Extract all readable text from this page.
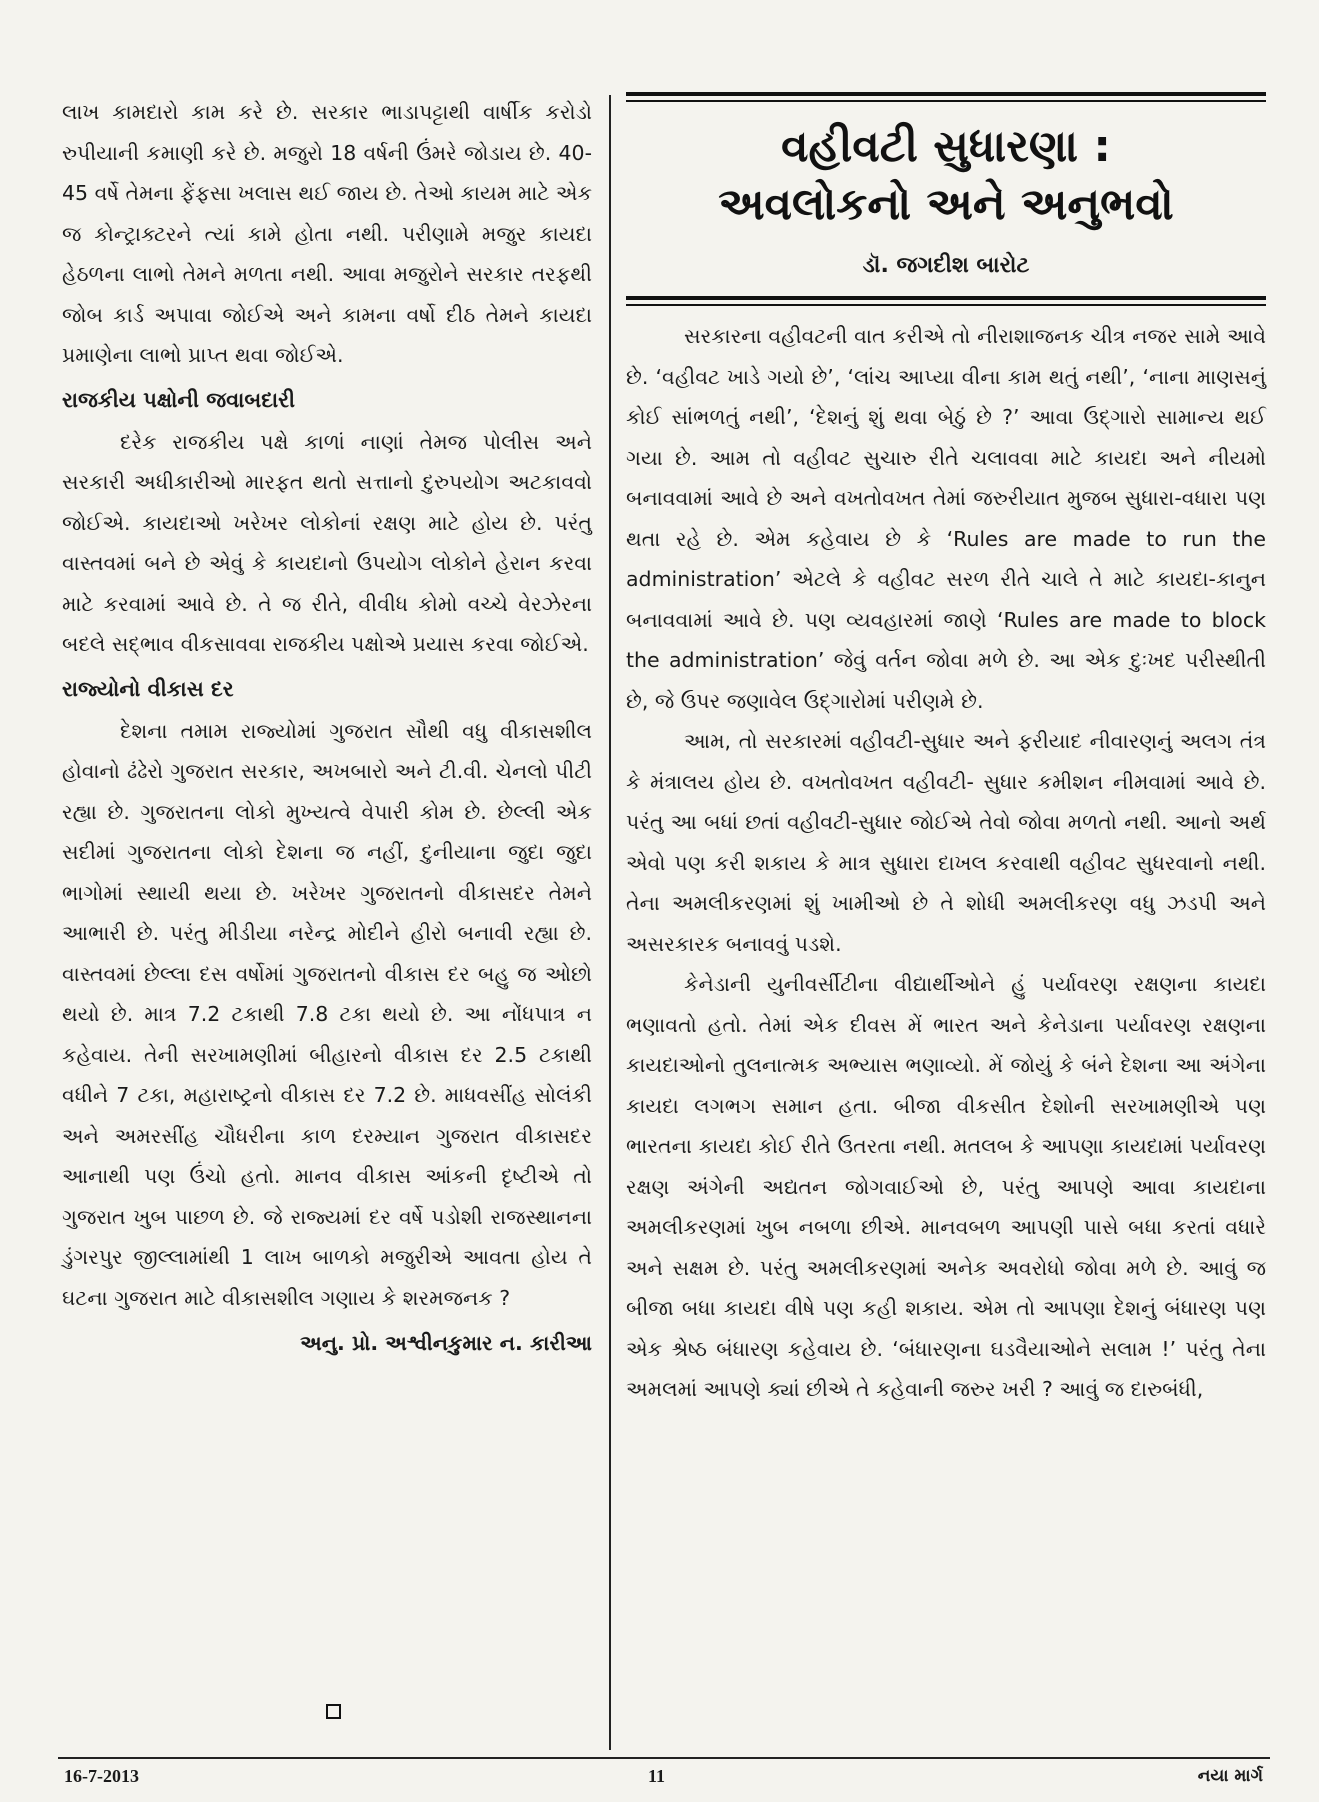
લાખ કામદારો કામ કરે છે. સરકાર ભાડાપટ્ટાથી વાર્ષીક કરોડો રુપીયાની કમાણી કરે છે. મજુરો 18 વર્ષની ઉંમરે જોડાય છે. 40-45 વર્ષે તેમના ફેંફસા ખલાસ થઈ જાય છે. તેઓ કાયમ માટે એક જ કોન્ટ્રાક્ટરને ત્યાં કામે હોતા નથી. પરીણામે મજુર કાયદા હેઠળના લાભો તેમને મળતા નથી. આવા મજુરોને સરકાર તરફથી જોબ કાર્ડ અપાવા જોઈએ અને કામના વર્ષો દીઠ તેમને કાયદા પ્રમાણેના લાભો પ્રાપ્ત થવા જોઈએ.

રાજકીય પક્ષોની જવાબદારી

દરેક રાજકીય પક્ષે કાળાં નાણાં તેમજ પોલીસ અને સરકારી અધીકારીઓ મારફત થતો સત્તાનો દુરુપયોગ અટકાવવો જોઈએ. કાયદાઓ ખરેખર લોકોનાં રક્ષણ માટે હોય છે. પરંતુ વાસ્તવમાં બને છે એવું કે કાયદાનો ઉપયોગ લોકોને હેરાન કરવા માટે કરવામાં આવે છે. તે જ રીતે, વીવીધ કોમો વચ્ચે વેરઝેરના બદલે સદ્ભાવ વીકસાવવા રાજકીય પક્ષોએ પ્રયાસ કરવા જોઈએ.

રાજ્યોનો વીકાસ દર

દેશના તમામ રાજ્યોમાં ગુજરાત સૌથી વધુ વીકાસશીલ હોવાનો ઢંઢેરો ગુજરાત સરકાર, અખબારો અને ટી.વી. ચેનલો પીટી રહ્યા છે. ગુજરાતના લોકો મુખ્યત્વે વેપારી કોમ છે. છેલ્લી એક સદીમાં ગુજરાતના લોકો દેશના જ નહીં, દુનીયાના જુદા જુદા ભાગોમાં સ્થાયી થયા છે. ખરેખર ગુજરાતનો વીકાસદર તેમને આભારી છે. પરંતુ મીડીયા નરેન્દ્ર મોદીને હીરો બનાવી રહ્યા છે. વાસ્તવમાં છેલ્લા દસ વર્ષોમાં ગુજરાતનો વીકાસ દર બહુ જ ઓછો થયો છે. માત્ર 7.2 ટકાથી 7.8 ટકા થયો છે. આ નોંધપાત્ર ન કહેવાય. તેની સરખામણીમાં બીહારનો વીકાસ દર 2.5 ટકાથી વધીને 7 ટકા, મહારાષ્ટ્રનો વીકાસ દર 7.2 છે. માધવસીંહ સોલંકી અને અમરસીંહ ચૌધરીના કાળ દરમ્યાન ગુજરાત વીકાસદર આનાથી પણ ઉંચો હતો. માનવ વીકાસ આંકની દૃષ્ટીએ તો ગુજરાત ખુબ પાછળ છે. જે રાજ્યમાં દર વર્ષે પડોશી રાજસ્થાનના ડુંગરપુર જીલ્લામાંથી 1 લાખ બાળકો મજુરીએ આવતા હોય તે ઘટના ગુજરાત માટે વીકાસશીલ ગણાય કે શરમજનક ?

અનુ. પ્રો. અશ્વીનકુમાર ન. કારીઆ
વહીવટી સુધારણા :
અવલોકનો અને અનુભવો
ડૉ. જગદીશ બારોટ

સરકારના વહીવટની વાત કરીએ તો નીરાશાજનક ચીત્ર નજર સામે આવે છે. ‘વહીવટ ખાડે ગયો છે’, ‘લાંચ આપ્યા વીના કામ થતું નથી’, ‘નાના માણસનું કોઈ સાંભળતું નથી’, ‘દેશનું શું થવા બેઠું છે ?’ આવા ઉદ્ગારો સામાન્ય થઈ ગયા છે. આમ તો વહીવટ સુચારુ રીતે ચલાવવા માટે કાયદા અને નીયમો બનાવવામાં આવે છે અને વખતોવખત તેમાં જરુરીયાત મુજબ સુધારા-વધારા પણ થતા રહે છે. એમ કહેવાય છે કે ‘Rules are made to run the administration’ એટલે કે વહીવટ સરળ રીતે ચાલે તે માટે કાયદા-કાનુન બનાવવામાં આવે છે. પણ વ્યવહારમાં જાણે ‘Rules are made to block the administration’ જેવું વર્તન જોવા મળે છે. આ એક દુઃખદ પરીસ્થીતી છે, જે ઉપર જણાવેલ ઉદ્ગારોમાં પરીણમે છે.

આમ, તો સરકારમાં વહીવટી-સુધાર અને ફરીયાદ નીવારણનું અલગ તંત્ર કે મંત્રાલય હોય છે. વખતોવખત વહીવટી- સુધાર કમીશન નીમવામાં આવે છે. પરંતુ આ બધાં છતાં વહીવટી-સુધાર જોઈએ તેવો જોવા મળતો નથી. આનો અર્થ એવો પણ કરી શકાય કે માત્ર સુધારા દાખલ કરવાથી વહીવટ સુધરવાનો નથી. તેના અમલીકરણમાં શું ખામીઓ છે તે શોધી અમલીકરણ વધુ ઝડપી અને અસરકારક બનાવવું પડશે.

કેનેડાની યુનીવર્સીટીના વીદ્યાર્થીઓને હું પર્યાવરણ રક્ષણના કાયદા ભણાવતો હતો. તેમાં એક દીવસ મેં ભારત અને કેનેડાના પર્યાવરણ રક્ષણના કાયદાઓનો તુલનાત્મક અભ્યાસ ભણાવ્યો. મેં જોયું કે બંને દેશના આ અંગેના કાયદા લગભગ સમાન હતા. બીજા વીકસીત દેશોની સરખામણીએ પણ ભારતના કાયદા કોઈ રીતે ઉતરતા નથી. મતલબ કે આપણા કાયદામાં પર્યાવરણ રક્ષણ અંગેની અદ્યતન જોગવાઈઓ છે, પરંતુ આપણે આવા કાયદાના અમલીકરણમાં ખુબ નબળા છીએ. માનવબળ આપણી પાસે બધા કરતાં વધારે અને સક્ષમ છે. પરંતુ અમલીકરણમાં અનેક અવરોધો જોવા મળે છે. આવું જ બીજા બધા કાયદા વીષે પણ કહી શકાય. એમ તો આપણા દેશનું બંધારણ પણ એક શ્રેષ્ઠ બંધારણ કહેવાય છે. ‘બંધારણના ઘડવૈયાઓને સલામ !’ પરંતુ તેના અમલમાં આપણે ક્યાં છીએ તે કહેવાની જરુર ખરી ? આવું જ દારુબંધી,

16-7-2013	11	નયા માર્ગ
